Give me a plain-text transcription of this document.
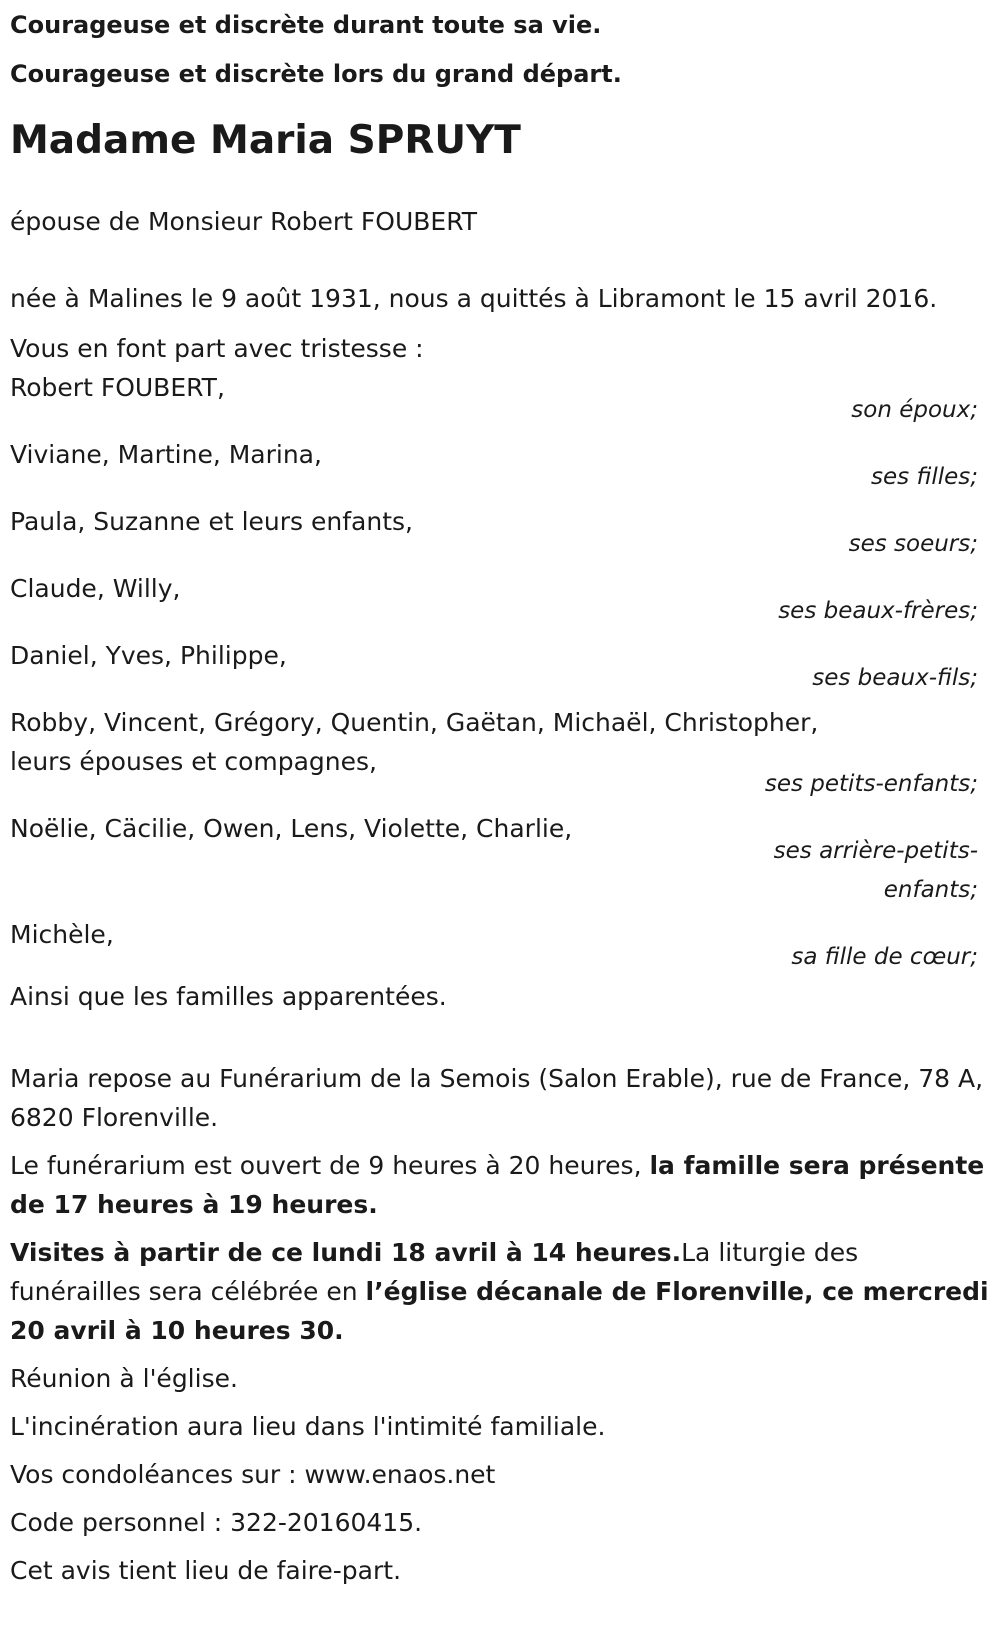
Courageuse et discrète durant toute sa vie.
Courageuse et discrète lors du grand départ.
Madame Maria SPRUYT
épouse de Monsieur Robert FOUBERT
née à Malines le 9 août 1931, nous a quittés à Libramont le 15 avril 2016.
Vous en font part avec tristesse :
Robert FOUBERT,
son époux;
Viviane, Martine, Marina,
ses filles;
Paula, Suzanne et leurs enfants,
ses soeurs;
Claude, Willy,
ses beaux-frères;
Daniel, Yves, Philippe,
ses beaux-fils;
Robby, Vincent, Grégory, Quentin, Gaëtan, Michaël, Christopher,
leurs épouses et compagnes,
ses petits-enfants;
Noëlie, Cäcilie, Owen, Lens, Violette, Charlie,
ses arrière-petits-enfants;
Michèle,
sa fille de cœur;
Ainsi que les familles apparentées.
Maria repose au Funérarium de la Semois (Salon Erable), rue de France, 78 A, 6820 Florenville.
Le funérarium est ouvert de 9 heures à 20 heures, la famille sera présente de 17 heures à 19 heures.
Visites à partir de ce lundi 18 avril à 14 heures.La liturgie des funérailles sera célébrée en l’église décanale de Florenville, ce mercredi 20 avril à 10 heures 30.
Réunion à l'église.
L'incinération aura lieu dans l'intimité familiale.
Vos condoléances sur : www.enaos.net
Code personnel : 322-20160415.
Cet avis tient lieu de faire-part.
